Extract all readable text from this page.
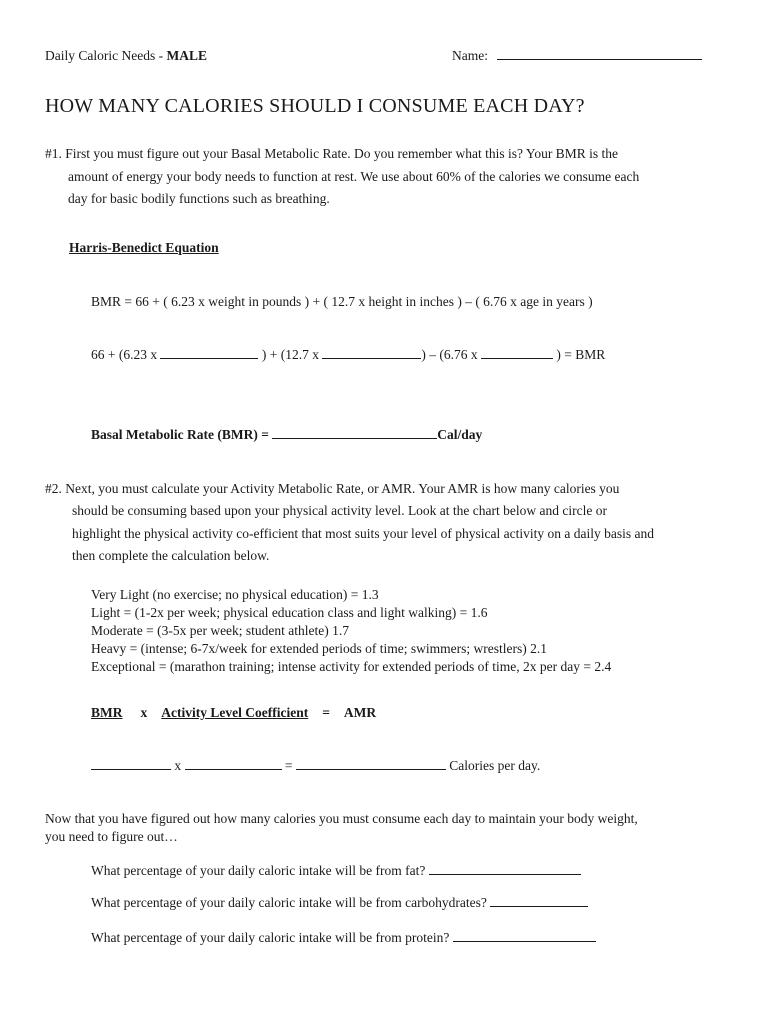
Daily Caloric Needs - MALE	Name:
HOW MANY CALORIES SHOULD I CONSUME EACH DAY?
#1. First you must figure out your Basal Metabolic Rate. Do you remember what this is? Your BMR is the
amount of energy your body needs to function at rest. We use about 60% of the calories we consume each
day for basic bodily functions such as breathing.
Harris-Benedict Equation
BMR = 66 + ( 6.23 x weight in pounds ) + ( 12.7 x height in inches ) – ( 6.76 x age in years )
66 + (6.23 x	) + (12.7 x	) – (6.76 x	) = BMR
Basal Metabolic Rate (BMR) =	Cal/day
#2. Next, you must calculate your Activity Metabolic Rate, or AMR. Your AMR is how many calories you
should be consuming based upon your physical activity level. Look at the chart below and circle or
highlight the physical activity co-efficient that most suits your level of physical activity on a daily basis and
then complete the calculation below.
Very Light (no exercise; no physical education) = 1.3
Light = (1-2x per week; physical education class and light walking) = 1.6
Moderate = (3-5x per week; student athlete) 1.7
Heavy = (intense; 6-7x/week for extended periods of time; swimmers; wrestlers) 2.1
Exceptional = (marathon training; intense activity for extended periods of time, 2x per day = 2.4
BMR x Activity Level Coefficient = AMR
x	=	Calories per day.
Now that you have figured out how many calories you must consume each day to maintain your body weight,
you need to figure out…
What percentage of your daily caloric intake will be from fat?
What percentage of your daily caloric intake will be from carbohydrates?
What percentage of your daily caloric intake will be from protein?
